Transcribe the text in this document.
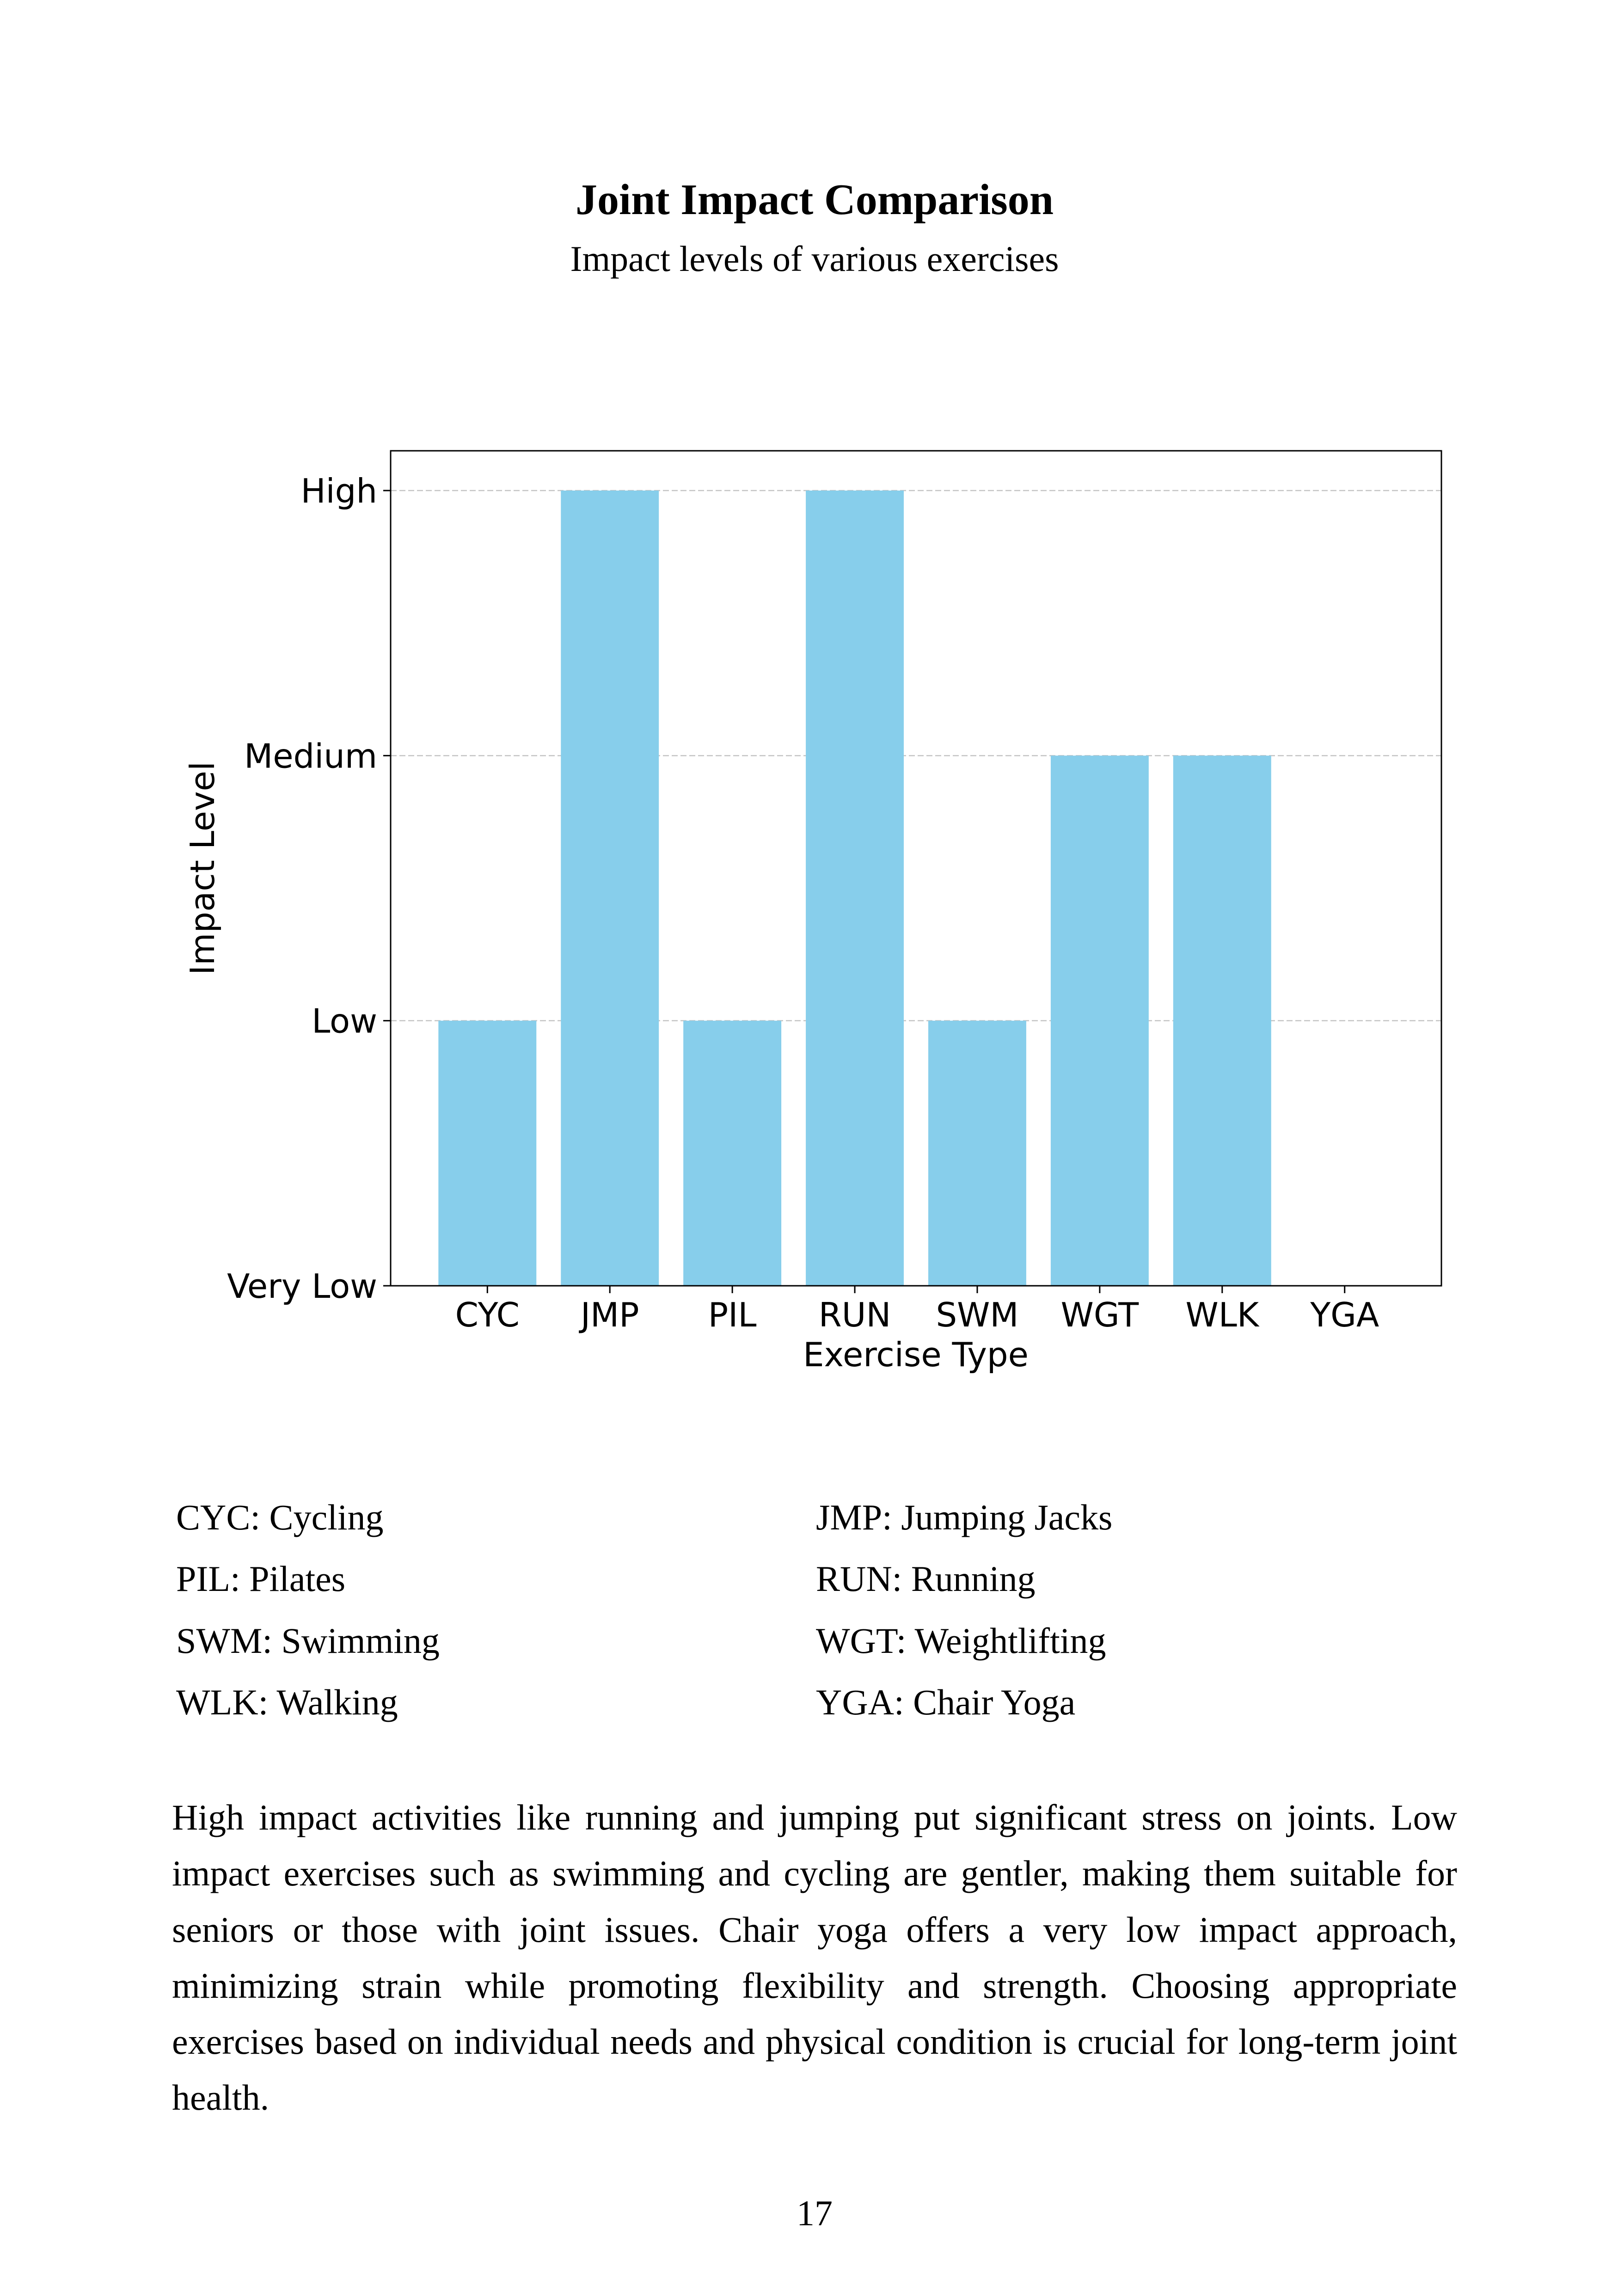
Joint Impact Comparison
Impact levels of various exercises
Very Low
Low
Medium
High
CYC JMP PIL RUN SWM WGT WLK YGA
Exercise Type
Impact Level
CYC: Cycling	JMP: Jumping Jacks
PIL: Pilates	RUN: Running
SWM: Swimming	WGT: Weightlifting
WLK: Walking	YGA: Chair Yoga

High impact activities like running and jumping put significant stress on joints. Low impact exercises such as swimming and cycling are gentler, making them suitable for seniors or those with joint issues. Chair yoga offers a very low impact approach, minimizing strain while promoting flexibility and strength. Choosing appropriate exercises based on individual needs and physical condition is crucial for long-term joint health.

17
